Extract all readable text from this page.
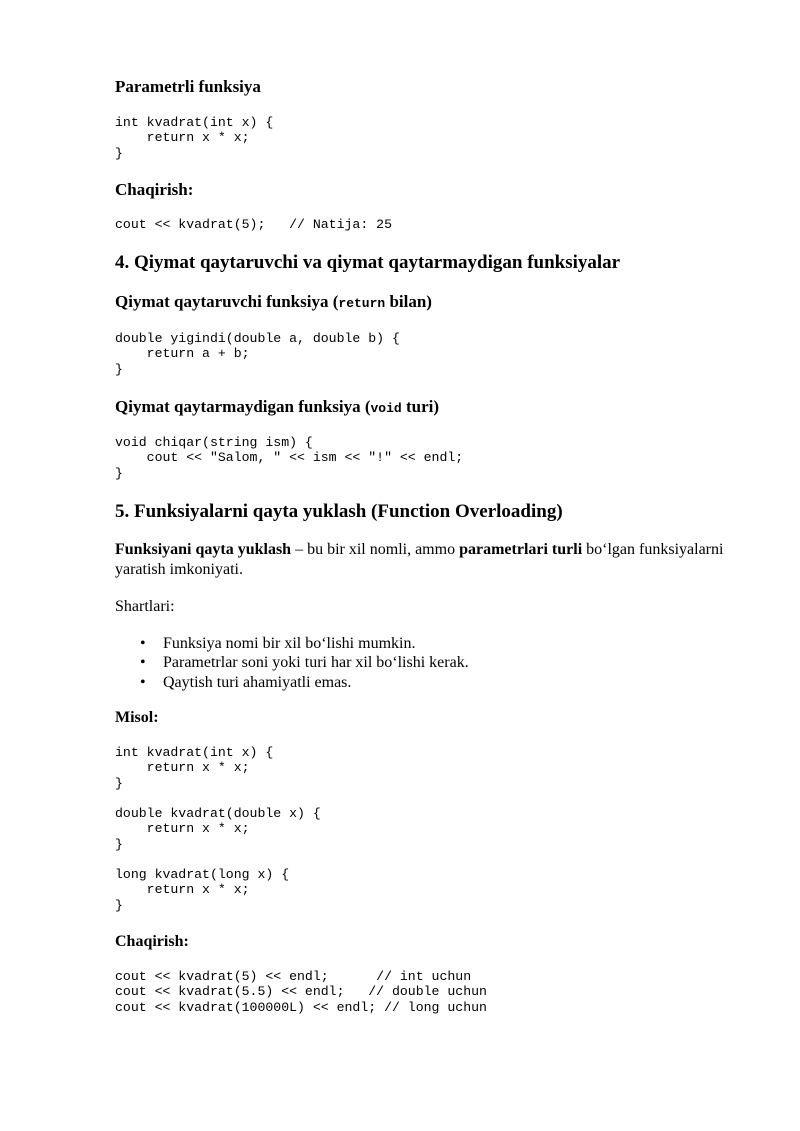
Parametrli funksiya
int kvadrat(int x) {
return x * x;
}
Chaqirish:
cout << kvadrat(5);   // Natija: 25
4. Qiymat qaytaruvchi va qiymat qaytarmaydigan funksiyalar
Qiymat qaytaruvchi funksiya (return bilan)
double yigindi(double a, double b) {
return a + b;
}
Qiymat qaytarmaydigan funksiya (void turi)
void chiqar(string ism) {
cout << "Salom, " << ism << "!" << endl;
}
5. Funksiyalarni qayta yuklash (Function Overloading)
Funksiyani qayta yuklash – bu bir xil nomli, ammo parametrlari turli bo‘lgan funksiyalarni yaratish imkoniyati.
Shartlari:
• Funksiya nomi bir xil bo‘lishi mumkin.
• Parametrlar soni yoki turi har xil bo‘lishi kerak.
• Qaytish turi ahamiyatli emas.
Misol:
int kvadrat(int x) {
return x * x;
}
double kvadrat(double x) {
return x * x;
}
long kvadrat(long x) {
return x * x;
}
Chaqirish:
cout << kvadrat(5) << endl;      // int uchun
cout << kvadrat(5.5) << endl;   // double uchun
cout << kvadrat(100000L) << endl; // long uchun
